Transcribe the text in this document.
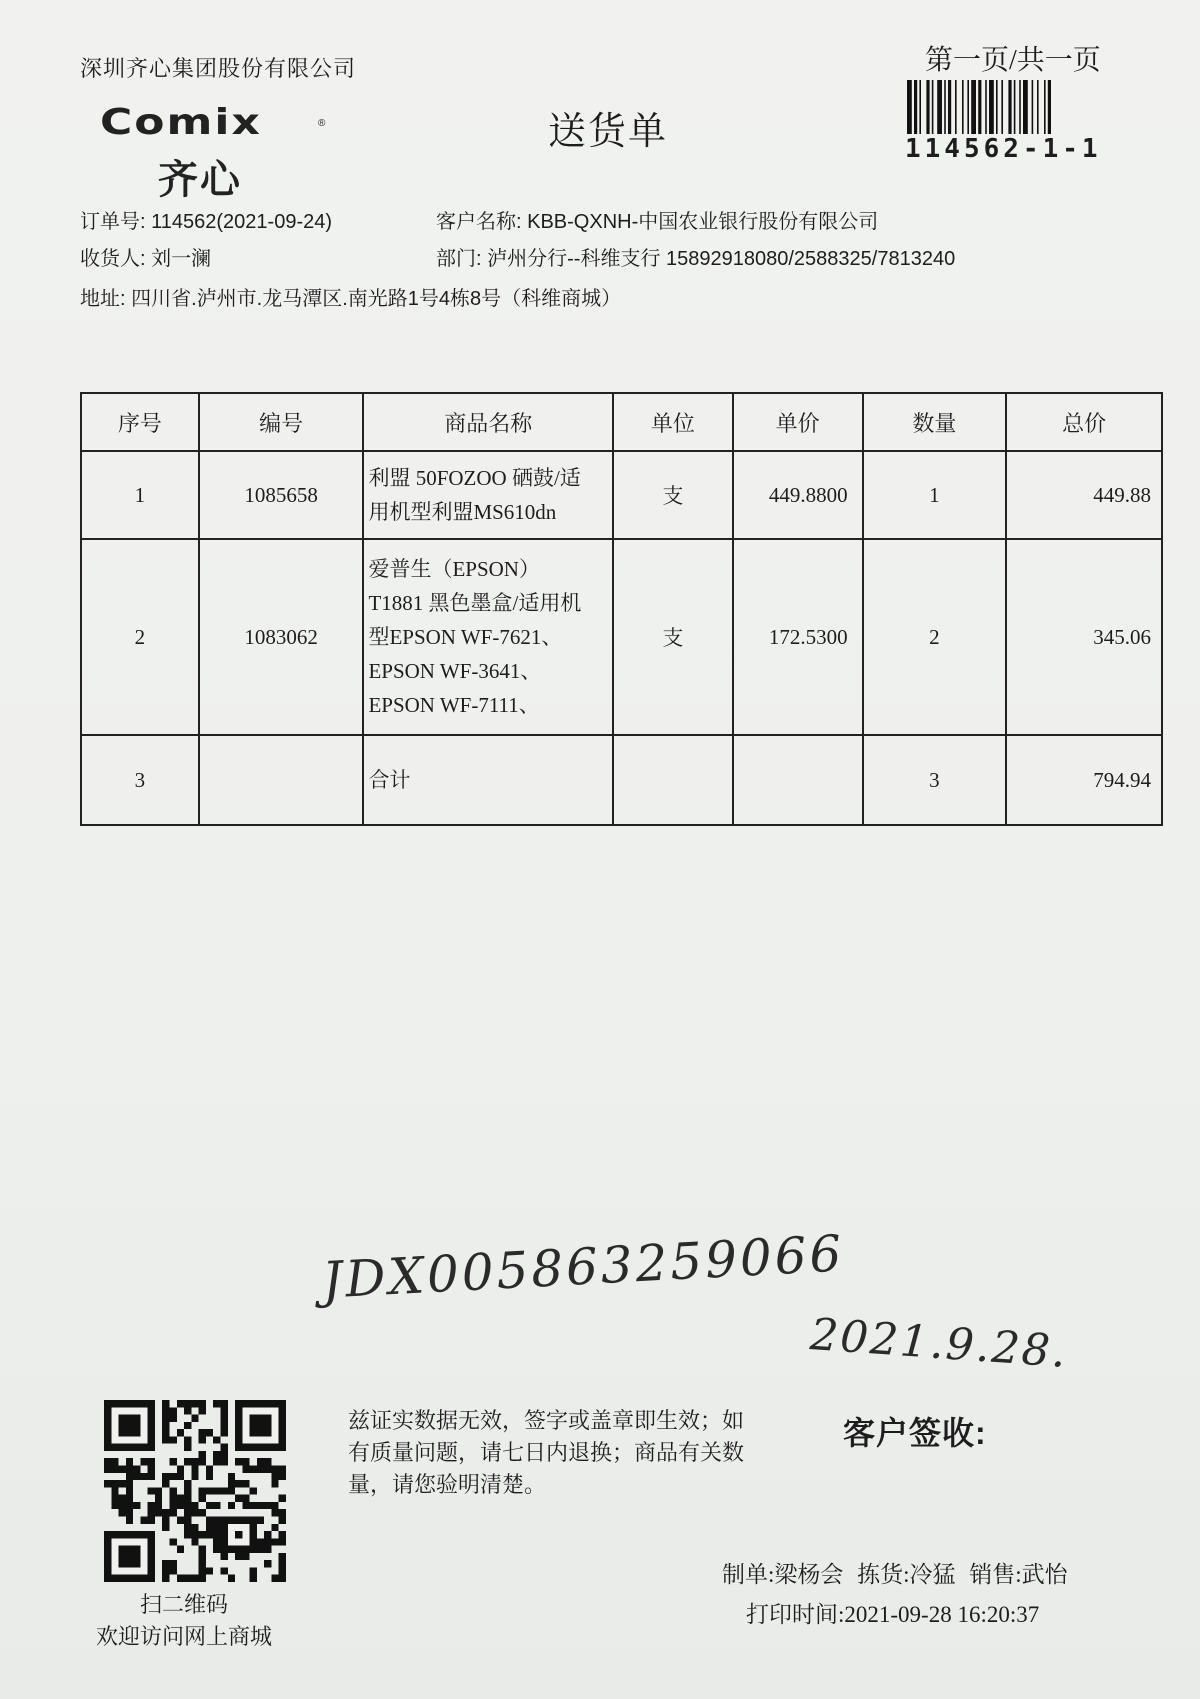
深圳齐心集团股份有限公司
Comix	®
齐心
送货单
第一页/共一页
114562-1-1
订单号: 114562(2021-09-24)	客户名称: KBB-QXNH-中国农业银行股份有限公司
收货人: 刘一澜	部门: 泸州分行--科维支行 15892918080/2588325/7813240
地址: 四川省.泸州市.龙马潭区.南光路1号4栋8号（科维商城）
序号	编号	商品名称	单位	单价	数量	总价
1	1085658	利盟 50FOZOO 硒鼓/适
用机型利盟MS610dn	支	449.8800	1	449.88
2	1083062	爱普生（EPSON）
T1881 黑色墨盒/适用机
型EPSON WF-7621、
EPSON WF-3641、
EPSON WF-7111、	支	172.5300	2	345.06
3		合计			3	794.94
JDX005863259066
2021.9.28.
扫二维码
欢迎访问网上商城
兹证实数据无效，签字或盖章即生效；如有质量问题，请七日内退换；商品有关数量，请您验明清楚。
客户签收:
制单:梁杨会 拣货:冷猛 销售:武怡
打印时间:2021-09-28 16:20:37
